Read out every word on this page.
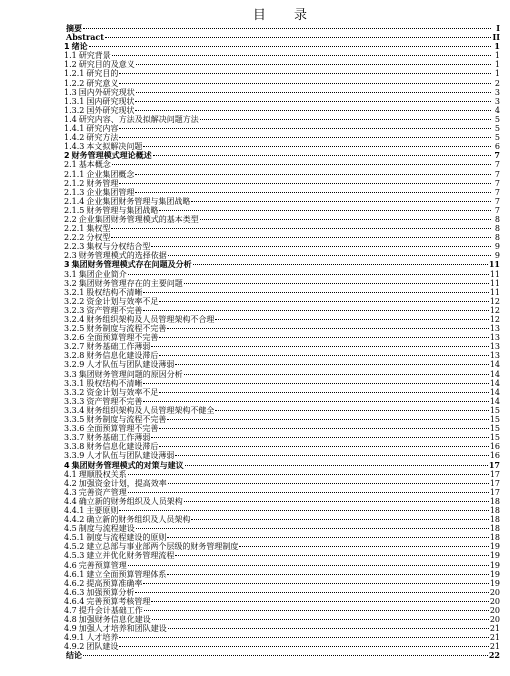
目 录
摘要	I
Abstract	II
1 绪论	1
1.1 研究背景	1
1.2 研究目的及意义	1
1.2.1 研究目的	1
1.2.2 研究意义	2
1.3 国内外研究现状	3
1.3.1 国内研究现状	3
1.3.2 国外研究现状	4
1.4 研究内容、方法及拟解决问题方法	5
1.4.1 研究内容	5
1.4.2 研究方法	5
1.4.3 本文拟解决问题	6
2 财务管理模式理论概述	7
2.1 基本概念	7
2.1.1 企业集团概念	7
2.1.2 财务管理	7
2.1.3 企业集团管理	7
2.1.4 企业集团财务管理与集团战略	7
2.1.5 财务管理与集团战略	7
2.2 企业集团财务管理模式的基本类型	8
2.2.1 集权型	8
2.2.2 分权型	8
2.2.3 集权与分权结合型	9
2.3 财务管理模式的选择依据	9
3 集团财务管理模式存在问题及分析	11
3.1 集团企业简介	11
3.2 集团财务管理存在的主要问题	11
3.2.1 股权结构不清晰	11
3.2.2 资金计划与效率不足	12
3.2.3 资产管理不完善	12
3.2.4 财务组织架构及人员管理架构不合理	12
3.2.5 财务制度与流程不完善	13
3.2.6 全面预算管理不完善	13
3.2.7 财务基础工作薄弱	13
3.2.8 财务信息化建设滞后	13
3.2.9 人才队伍与团队建设薄弱	14
3.3 集团财务管理问题的原因分析	14
3.3.1 股权结构不清晰	14
3.3.2 资金计划与效率不足	14
3.3.3 资产管理不完善	14
3.3.4 财务组织架构及人员管理架构不健全	15
3.3.5 财务制度与流程不完善	15
3.3.6 全面预算管理不完善	15
3.3.7 财务基础工作薄弱	15
3.3.8 财务信息化建设滞后	16
3.3.9 人才队伍与团队建设薄弱	16
4 集团财务管理模式的对策与建议	17
4.1 理顺股权关系	17
4.2 加强资金计划，提高效率	17
4.3 完善资产管理	17
4.4 确立新的财务组织及人员架构	18
4.4.1 主要原则	18
4.4.2 确立新的财务组织及人员架构	18
4.5 制度与流程建设	18
4.5.1 制度与流程建设的原则	18
4.5.2 建立总部与事业部两个层级的财务管理制度	19
4.5.3 建立并优化财务管理流程	19
4.6 完善预算管理	19
4.6.1 建立全面预算管理体系	19
4.6.2 提高预算准确率	19
4.6.3 加强预算分析	20
4.6.4 完善预算考核管理	20
4.7 提升会计基础工作	20
4.8 加强财务信息化建设	20
4.9 加强人才培养和团队建设	21
4.9.1 人才培养	21
4.9.2 团队建设	21
结论	22
